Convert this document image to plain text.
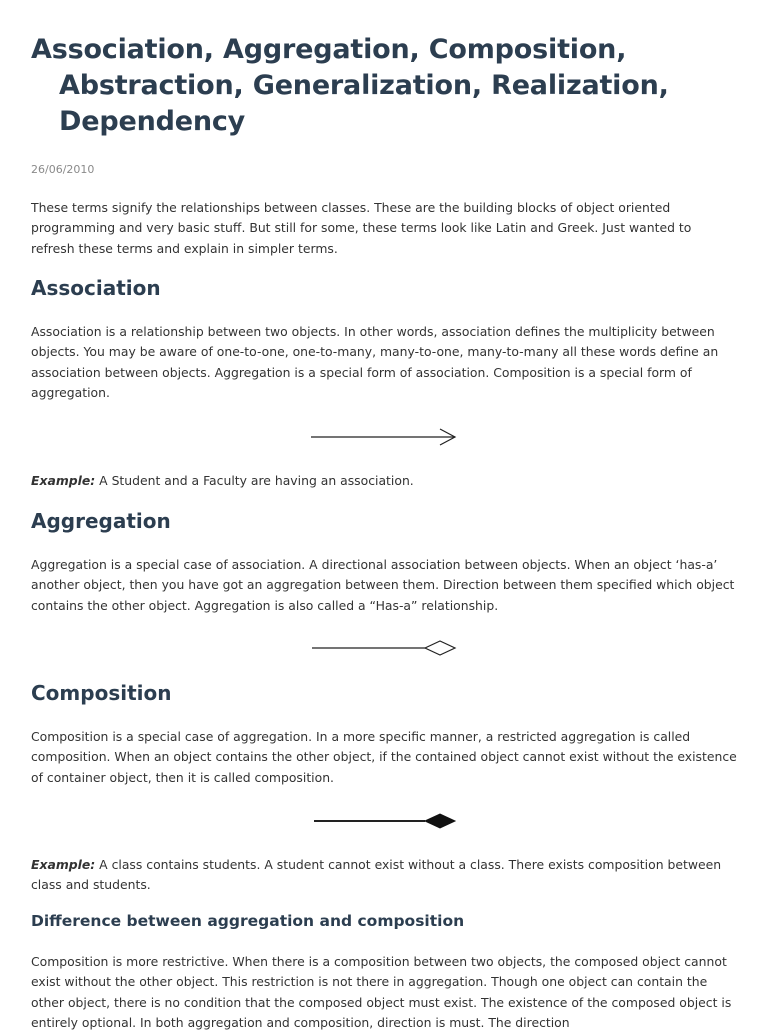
Association, Aggregation, Composition,
Abstraction, Generalization, Realization,
Dependency
26/06/2010

These terms signify the relationships between classes. These are the building blocks of object oriented programming and very basic stuff. But still for some, these terms look like Latin and Greek. Just wanted to refresh these terms and explain in simpler terms.

Association

Association is a relationship between two objects. In other words, association defines the multiplicity between objects. You may be aware of one-to-one, one-to-many, many-to-one, many-to-many all these words define an association between objects. Aggregation is a special form of association. Composition is a special form of aggregation.

Example: A Student and a Faculty are having an association.

Aggregation

Aggregation is a special case of association. A directional association between objects. When an object ‘has-a’ another object, then you have got an aggregation between them. Direction between them specified which object contains the other object. Aggregation is also called a “Has-a” relationship.

Composition

Composition is a special case of aggregation. In a more specific manner, a restricted aggregation is called composition. When an object contains the other object, if the contained object cannot exist without the existence of container object, then it is called composition.

Example: A class contains students. A student cannot exist without a class. There exists composition between class and students.

Difference between aggregation and composition

Composition is more restrictive. When there is a composition between two objects, the composed object cannot exist without the other object. This restriction is not there in aggregation. Though one object can contain the other object, there is no condition that the composed object must exist. The existence of the composed object is entirely optional. In both aggregation and composition, direction is must. The direction
